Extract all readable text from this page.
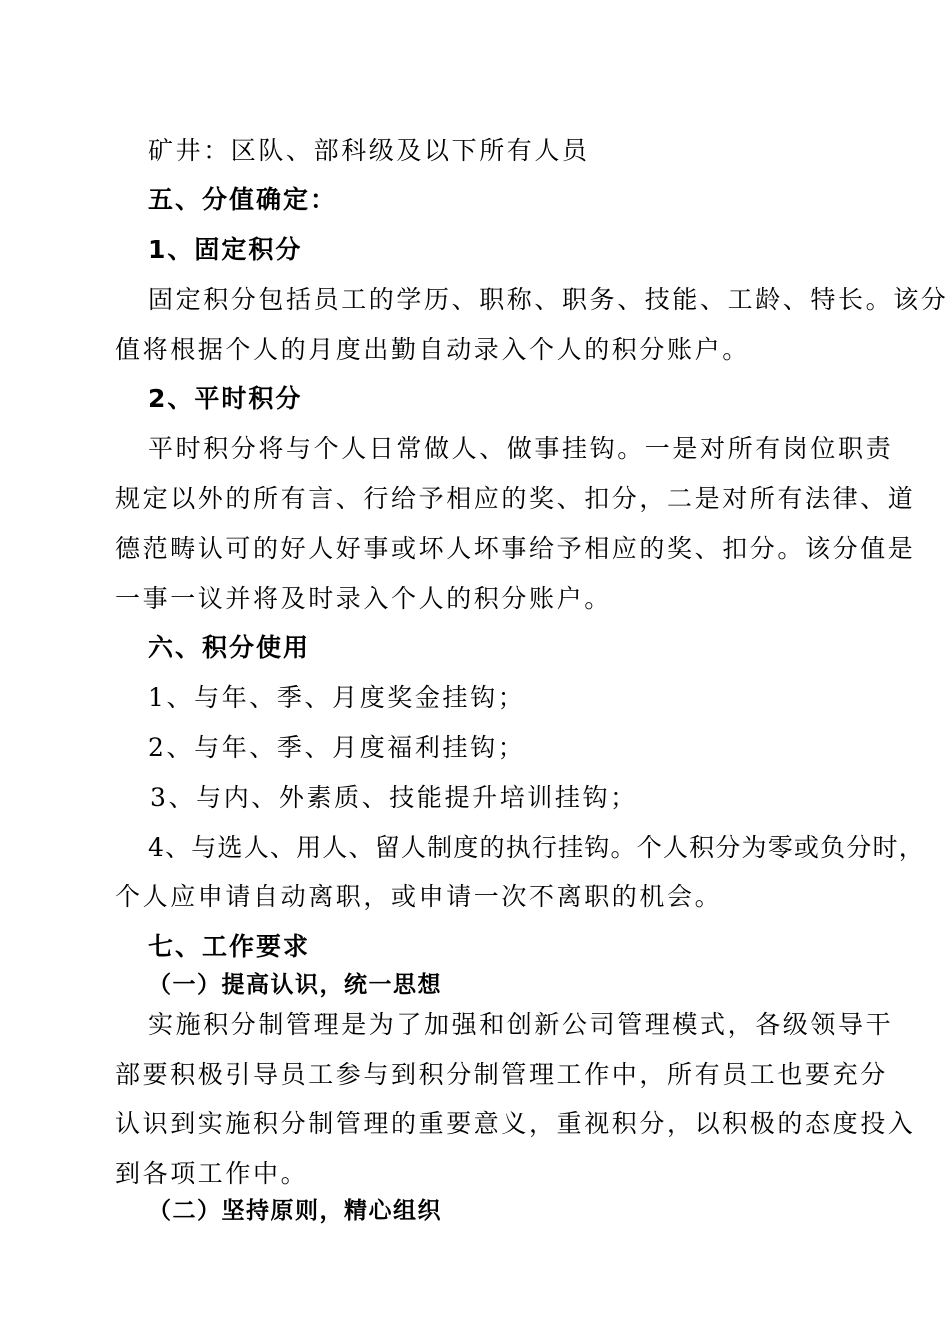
矿井：区队、部科级及以下所有人员
五、分值确定：
1、固定积分
固定积分包括员工的学历、职称、职务、技能、工龄、特长。该分
值将根据个人的月度出勤自动录入个人的积分账户。
2、平时积分
平时积分将与个人日常做人、做事挂钩。一是对所有岗位职责
规定以外的所有言、行给予相应的奖、扣分，二是对所有法律、道
德范畴认可的好人好事或坏人坏事给予相应的奖、扣分。该分值是
一事一议并将及时录入个人的积分账户。
六、积分使用
1、与年、季、月度奖金挂钩；
2、与年、季、月度福利挂钩；
3、与内、外素质、技能提升培训挂钩；
4、与选人、用人、留人制度的执行挂钩。个人积分为零或负分时，
个人应申请自动离职，或申请一次不离职的机会。
七、工作要求
（一）提高认识，统一思想
实施积分制管理是为了加强和创新公司管理模式，各级领导干
部要积极引导员工参与到积分制管理工作中，所有员工也要充分
认识到实施积分制管理的重要意义，重视积分，以积极的态度投入
到各项工作中。
（二）坚持原则，精心组织
